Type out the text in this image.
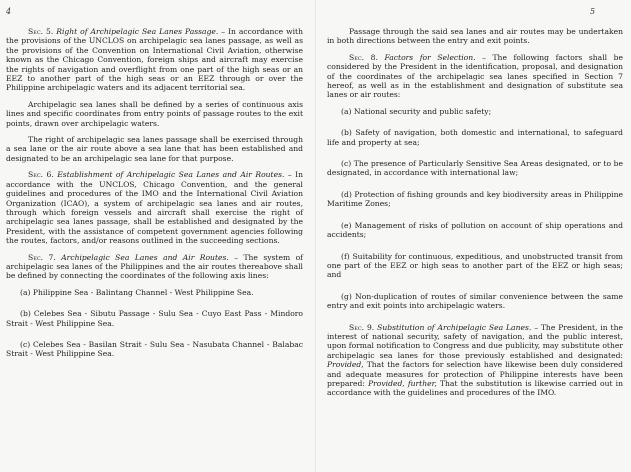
4	5

Sec. 5. Right of Archipelagic Sea Lanes Passage. – In accordance with the provisions of the UNCLOS on archipelagic sea lanes passage, as well as the provisions of the Convention on International Civil Aviation, otherwise known as the Chicago Convention, foreign ships and aircraft may exercise the rights of navigation and overflight from one part of the high seas or an EEZ to another part of the high seas or an EEZ through or over the Philippine archipelagic waters and its adjacent territorial sea.

Archipelagic sea lanes shall be defined by a series of continuous axis lines and specific coordinates from entry points of passage routes to the exit points, drawn over archipelagic waters.

The right of archipelagic sea lanes passage shall be exercised through a sea lane or the air route above a sea lane that has been established and designated to be an archipelagic sea lane for that purpose.

Sec. 6. Establishment of Archipelagic Sea Lanes and Air Routes. – In accordance with the UNCLOS, Chicago Convention, and the general guidelines and procedures of the IMO and the International Civil Aviation Organization (ICAO), a system of archipelagic sea lanes and air routes, through which foreign vessels and aircraft shall exercise the right of archipelagic sea lanes passage, shall be established and designated by the President, with the assistance of competent government agencies following the routes, factors, and/or reasons outlined in the succeeding sections.

Sec. 7. Archipelagic Sea Lanes and Air Routes. – The system of archipelagic sea lanes of the Philippines and the air routes thereabove shall be defined by connecting the coordinates of the following axis lines:

(a) Philippine Sea - Balintang Channel - West Philippine Sea.

(b) Celebes Sea - Sibutu Passage - Sulu Sea - Cuyo East Pass - Mindoro Strait - West Philippine Sea.

(c) Celebes Sea - Basilan Strait - Sulu Sea - Nasubata Channel - Balabac Strait - West Philippine Sea.

Passage through the said sea lanes and air routes may be undertaken in both directions between the entry and exit points.

Sec. 8. Factors for Selection. – The following factors shall be considered by the President in the identification, proposal, and designation of the coordinates of the archipelagic sea lanes specified in Section 7 hereof, as well as in the establishment and designation of substitute sea lanes or air routes:

(a) National security and public safety;

(b) Safety of navigation, both domestic and international, to safeguard life and property at sea;

(c) The presence of Particularly Sensitive Sea Areas designated, or to be designated, in accordance with international law;

(d) Protection of fishing grounds and key biodiversity areas in Philippine Maritime Zones;

(e) Management of risks of pollution on account of ship operations and accidents;

(f) Suitability for continuous, expeditious, and unobstructed transit from one part of the EEZ or high seas to another part of the EEZ or high seas; and

(g) Non-duplication of routes of similar convenience between the same entry and exit points into archipelagic waters.

Sec. 9. Substitution of Archipelagic Sea Lanes. – The President, in the interest of national security, safety of navigation, and the public interest, upon formal notification to Congress and due publicity, may substitute other archipelagic sea lanes for those previously established and designated: Provided, That the factors for selection have likewise been duly considered and adequate measures for protection of Philippine interests have been prepared: Provided, further, That the substitution is likewise carried out in accordance with the guidelines and procedures of the IMO.
